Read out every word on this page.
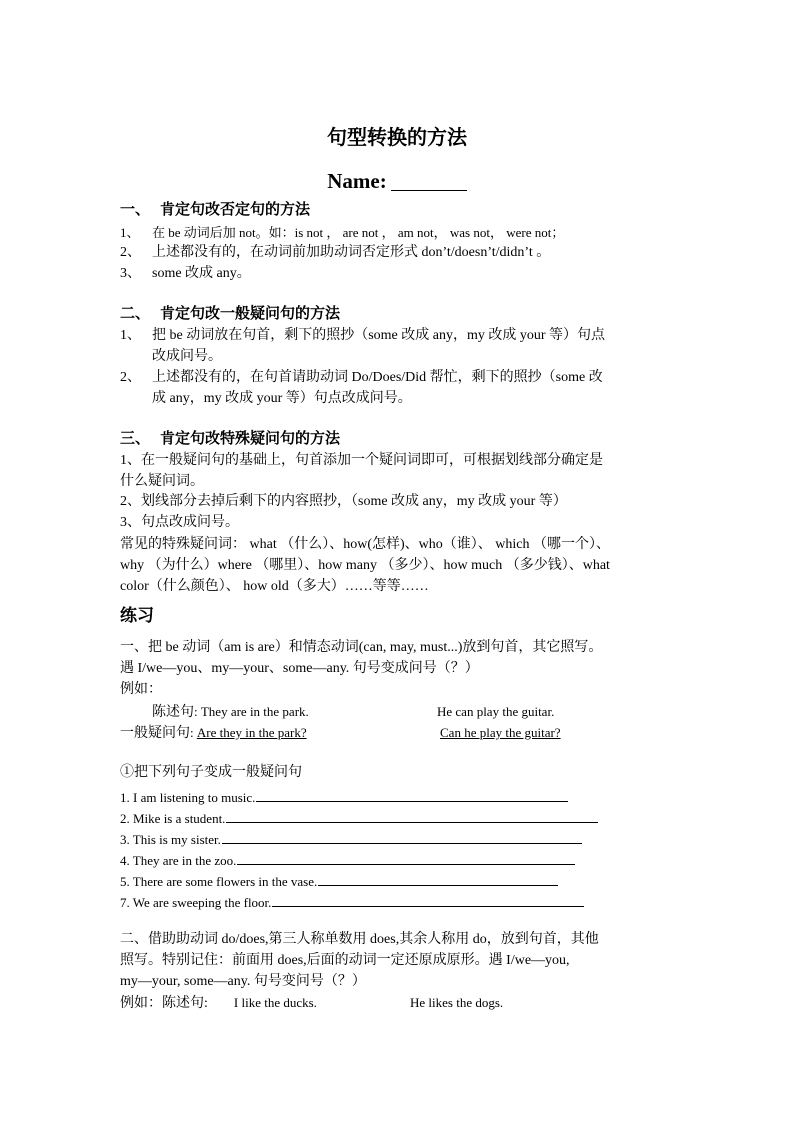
句型转换的方法
Name:
一、 肯定句改否定句的方法
1、 在 be 动词后加 not。如：is not ， are not ， am not， was not， were not；
2、 上述都没有的，在动词前加助动词否定形式 don’t/doesn’t/didn’t 。
3、 some 改成 any。
二、 肯定句改一般疑问句的方法
1、 把 be 动词放在句首，剩下的照抄（some 改成 any，my 改成 your 等）句点
改成问号。
2、 上述都没有的，在句首请助动词 Do/Does/Did 帮忙，剩下的照抄（some 改
成 any，my 改成 your 等）句点改成问号。
三、 肯定句改特殊疑问句的方法
1、在一般疑问句的基础上，句首添加一个疑问词即可，可根据划线部分确定是
什么疑问词。
2、划线部分去掉后剩下的内容照抄，（some 改成 any，my 改成 your 等）
3、句点改成问号。
常见的特殊疑问词： what （什么）、how(怎样)、who（谁）、 which （哪一个）、
why （为什么）where （哪里）、how many （多少）、how much （多少钱）、what
color（什么颜色）、 how old（多大）……等等……
练习
一、把 be 动词（am is are）和情态动词(can, may, must...)放到句首，其它照写。
遇 I/we—you、my—your、some—any. 句号变成问号（？）
例如：
陈述句: They are in the park.	He can play the guitar.
一般疑问句: Are they in the park?	Can he play the guitar?
①把下列句子变成一般疑问句
1. I am listening to music.
2. Mike is a student.
3. This is my sister.
4. They are in the zoo.
5. There are some flowers in the vase.
7. We are sweeping the floor.
二、借助助动词 do/does,第三人称单数用 does,其余人称用 do，放到句首，其他
照写。特别记住：前面用 does,后面的动词一定还原成原形。遇 I/we—you,
my—your, some—any. 句号变问号（？）
例如：陈述句: I like the ducks.	He likes the dogs.
